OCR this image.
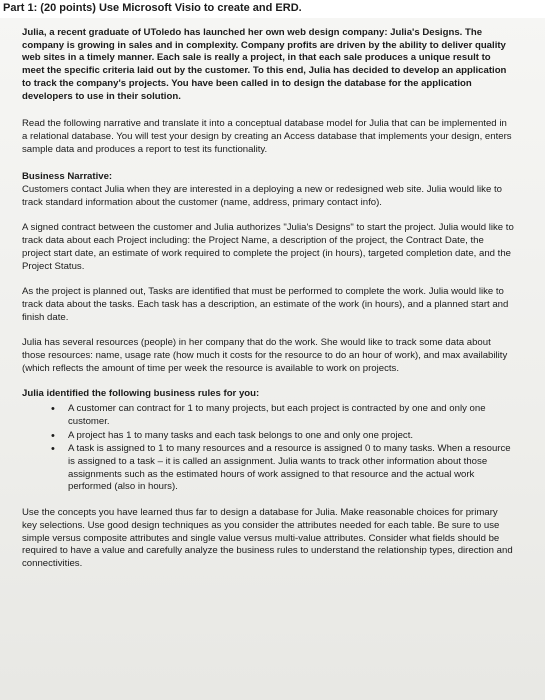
Part 1: (20 points) Use Microsoft Visio to create and ERD.

Julia, a recent graduate of UToledo has launched her own web design company: Julia's Designs. The company is growing in sales and in complexity. Company profits are driven by the ability to deliver quality web sites in a timely manner. Each sale is really a project, in that each sale produces a unique result to meet the specific criteria laid out by the customer. To this end, Julia has decided to develop an application to track the company's projects. You have been called in to design the database for the application developers to use in their solution.

Read the following narrative and translate it into a conceptual database model for Julia that can be implemented in a relational database. You will test your design by creating an Access database that implements your design, enters sample data and produces a report to test its functionality.

Business Narrative:

Customers contact Julia when they are interested in a deploying a new or redesigned web site. Julia would like to track standard information about the customer (name, address, primary contact info).

A signed contract between the customer and Julia authorizes "Julia's Designs" to start the project. Julia would like to track data about each Project including: the Project Name, a description of the project, the Contract Date, the project start date, an estimate of work required to complete the project (in hours), targeted completion date, and the Project Status.

As the project is planned out, Tasks are identified that must be performed to complete the work. Julia would like to track data about the tasks. Each task has a description, an estimate of the work (in hours), and a planned start and finish date.

Julia has several resources (people) in her company that do the work. She would like to track some data about those resources: name, usage rate (how much it costs for the resource to do an hour of work), and max availability (which reflects the amount of time per week the resource is available to work on projects.

Julia identified the following business rules for you:

• A customer can contract for 1 to many projects, but each project is contracted by one and only one customer.
• A project has 1 to many tasks and each task belongs to one and only one project.
• A task is assigned to 1 to many resources and a resource is assigned 0 to many tasks. When a resource is assigned to a task – it is called an assignment. Julia wants to track other information about those assignments such as the estimated hours of work assigned to that resource and the actual work performed (also in hours).

Use the concepts you have learned thus far to design a database for Julia. Make reasonable choices for primary key selections. Use good design techniques as you consider the attributes needed for each table. Be sure to use simple versus composite attributes and single value versus multi-value attributes. Consider what fields should be required to have a value and carefully analyze the business rules to understand the relationship types, direction and connectivities.
